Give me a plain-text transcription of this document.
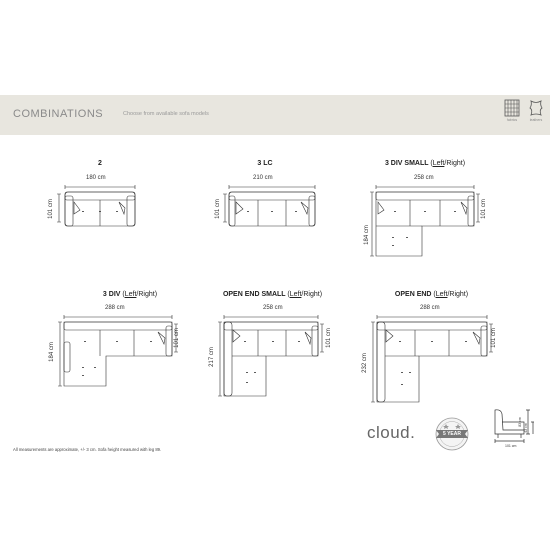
COMBINATIONS	Choose from available sofa models
fabrics	leathers
2
180 cm
101 cm
3 LC
210 cm
101 cm
3 DIV SMALL (Left/Right)
258 cm
101 cm
184 cm
3 DIV (Left/Right)
288 cm
101 cm
184 cm
OPEN END SMALL (Left/Right)
258 cm
101 cm
217 cm
OPEN END (Left/Right)
288 cm
101 cm
232 cm
All measurements are approximate, +/- 3 cm. Sofa height measured with leg 89.
cloud.	5 YEAR
83 cm
43 cm
101 cm
